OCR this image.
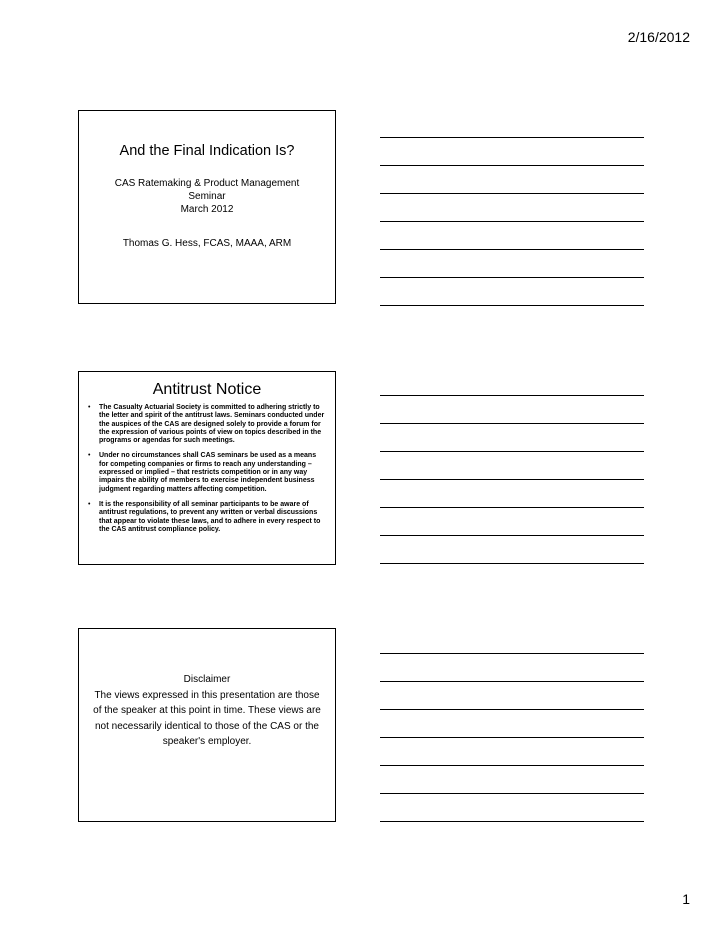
2/16/2012
And the Final Indication Is?
CAS Ratemaking & Product Management
Seminar
March 2012
Thomas G. Hess, FCAS, MAAA, ARM
Antitrust Notice
• The Casualty Actuarial Society is committed to adhering strictly to the letter and spirit of the antitrust laws. Seminars conducted under the auspices of the CAS are designed solely to provide a forum for the expression of various points of view on topics described in the programs or agendas for such meetings.
• Under no circumstances shall CAS seminars be used as a means for competing companies or firms to reach any understanding – expressed or implied – that restricts competition or in any way impairs the ability of members to exercise independent business judgment regarding matters affecting competition.
• It is the responsibility of all seminar participants to be aware of antitrust regulations, to prevent any written or verbal discussions that appear to violate these laws, and to adhere in every respect to the CAS antitrust compliance policy.
Disclaimer
The views expressed in this presentation are those of the speaker at this point in time. These views are not necessarily identical to those of the CAS or the speaker's employer.
1
